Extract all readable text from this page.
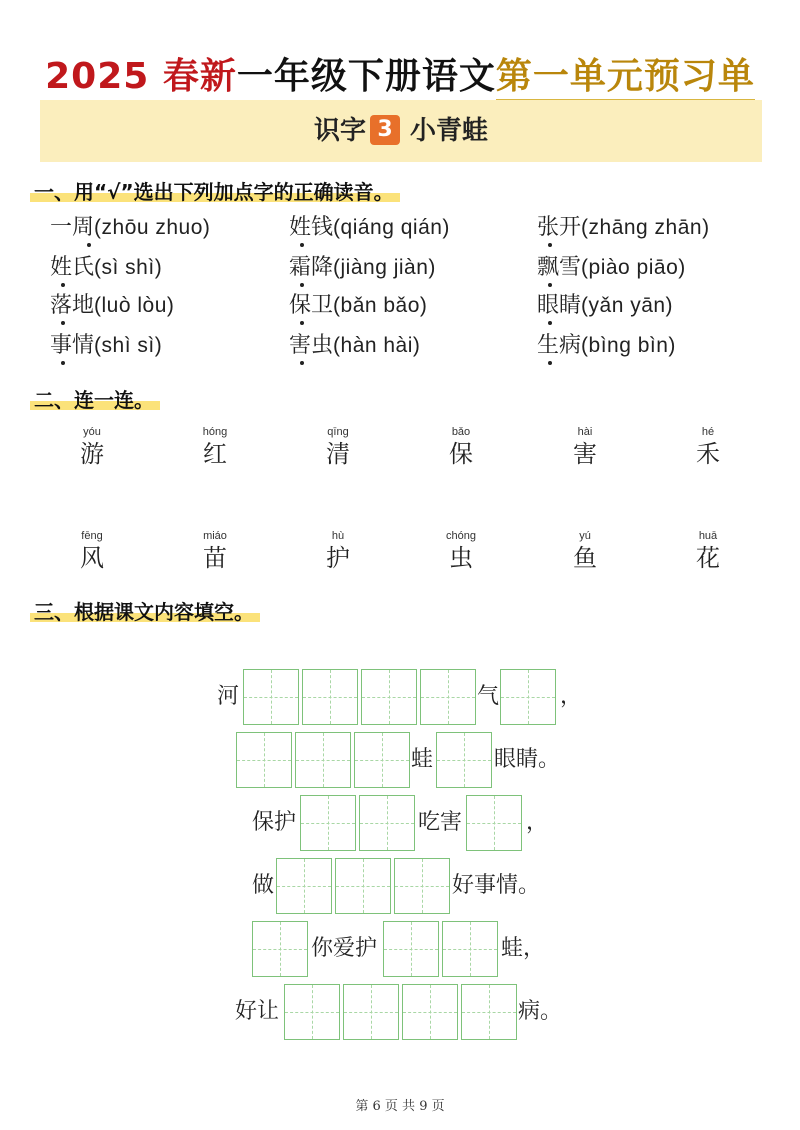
2025 春新一年级下册语文第一单元预习单
识字 3 小青蛙
一、用“√”选出下列加点字的正确读音。
一周(zhōu zhuo)	姓钱(qiáng qián)	张开(zhāng zhān)
姓氏(sì shì)	霜降(jiàng jiàn)	飘雪(piào piāo)
落地(luò lòu)	保卫(bǎn bǎo)	眼睛(yǎn yān)
事情(shì sì)	害虫(hàn hài)	生病(bìng bìn)
二、连一连。
yóu
游
hóng
红
qīng
清
bǎo
保
hài
害
hé
禾
fēng
风
miáo
苗
hù
护
chóng
虫
yú
鱼
huā
花
三、根据课文内容填空。
河	气	，
蛙	眼睛。
保护	吃害	，
做	好事情。
你爱护	蛙，
好让	病。
第 6 页 共 9 页
